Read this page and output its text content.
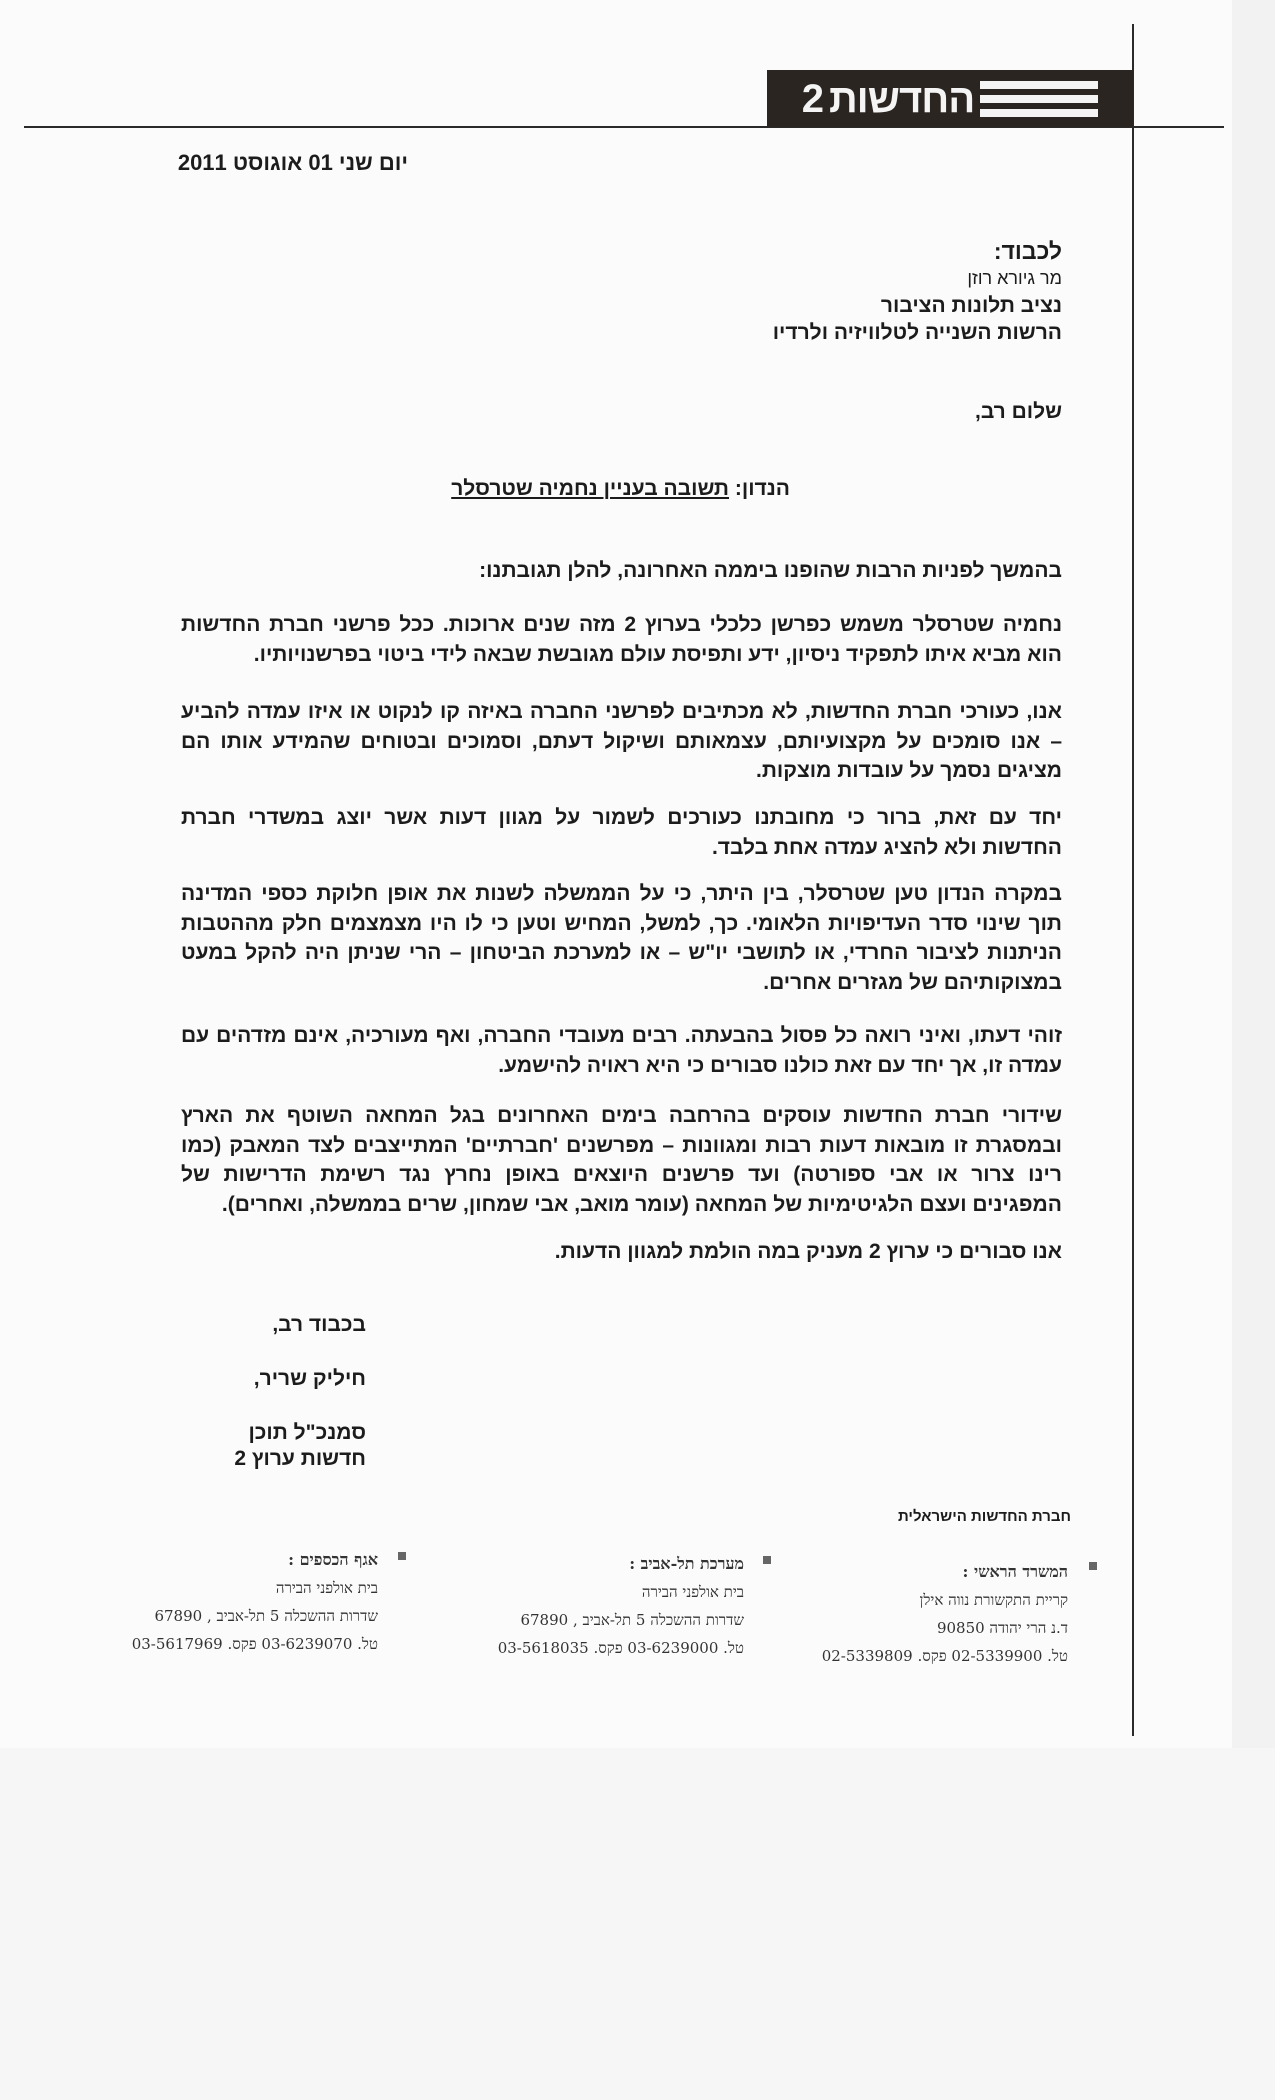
החדשות
2
יום שני 01 אוגוסט 2011
לכבוד:
מר גיורא רוזן
נציב תלונות הציבור
הרשות השנייה לטלוויזיה ולרדיו
שלום רב,
הנדון: תשובה בעניין נחמיה שטרסלר
בהמשך לפניות הרבות שהופנו ביממה האחרונה, להלן תגובתנו:
נחמיה שטרסלר משמש כפרשן כלכלי בערוץ 2 מזה שנים ארוכות. ככל פרשני חברת החדשות
הוא מביא איתו לתפקיד ניסיון, ידע ותפיסת עולם מגובשת שבאה לידי ביטוי בפרשנויותיו.
אנו, כעורכי חברת החדשות, לא מכתיבים לפרשני החברה באיזה קו לנקוט או איזו עמדה להביע
– אנו סומכים על מקצועיותם, עצמאותם ושיקול דעתם, וסמוכים ובטוחים שהמידע אותו הם
מציגים נסמך על עובדות מוצקות.
יחד עם זאת, ברור כי מחובתנו כעורכים לשמור על מגוון דעות אשר יוצג במשדרי חברת
החדשות ולא להציג עמדה אחת בלבד.
במקרה הנדון טען שטרסלר, בין היתר, כי על הממשלה לשנות את אופן חלוקת כספי המדינה
תוך שינוי סדר העדיפויות הלאומי. כך, למשל, המחיש וטען כי לו היו מצמצמים חלק מההטבות
הניתנות לציבור החרדי, או לתושבי יו"ש – או למערכת הביטחון – הרי שניתן היה להקל במעט
במצוקותיהם של מגזרים אחרים.
זוהי דעתו, ואיני רואה כל פסול בהבעתה. רבים מעובדי החברה, ואף מעורכיה, אינם מזדהים עם
עמדה זו, אך יחד עם זאת כולנו סבורים כי היא ראויה להישמע.
שידורי חברת החדשות עוסקים בהרחבה בימים האחרונים בגל המחאה השוטף את הארץ
ובמסגרת זו מובאות דעות רבות ומגוונות – מפרשנים 'חברתיים' המתייצבים לצד המאבק (כמו
רינו צרור או אבי ספורטה) ועד פרשנים היוצאים באופן נחרץ נגד רשימת הדרישות של
המפגינים ועצם הלגיטימיות של המחאה (עומר מואב, אבי שמחון, שרים בממשלה, ואחרים).
אנו סבורים כי ערוץ 2 מעניק במה הולמת למגוון הדעות.
בכבוד רב,
חיליק שריר,
סמנכ"ל תוכן
חדשות ערוץ 2
חברת החדשות הישראלית
המשרד הראשי :
קריית התקשורת נווה אילן
ד.נ הרי יהודה 90850
טל. 02-5339900 פקס. 02-5339809
מערכת תל-אביב :
בית אולפני הבירה
שדרות ההשכלה 5 תל-אביב , 67890
טל. 03-6239000 פקס. 03-5618035
אגף הכספים :
בית אולפני הבירה
שדרות ההשכלה 5 תל-אביב , 67890
טל. 03-6239070 פקס. 03-5617969
